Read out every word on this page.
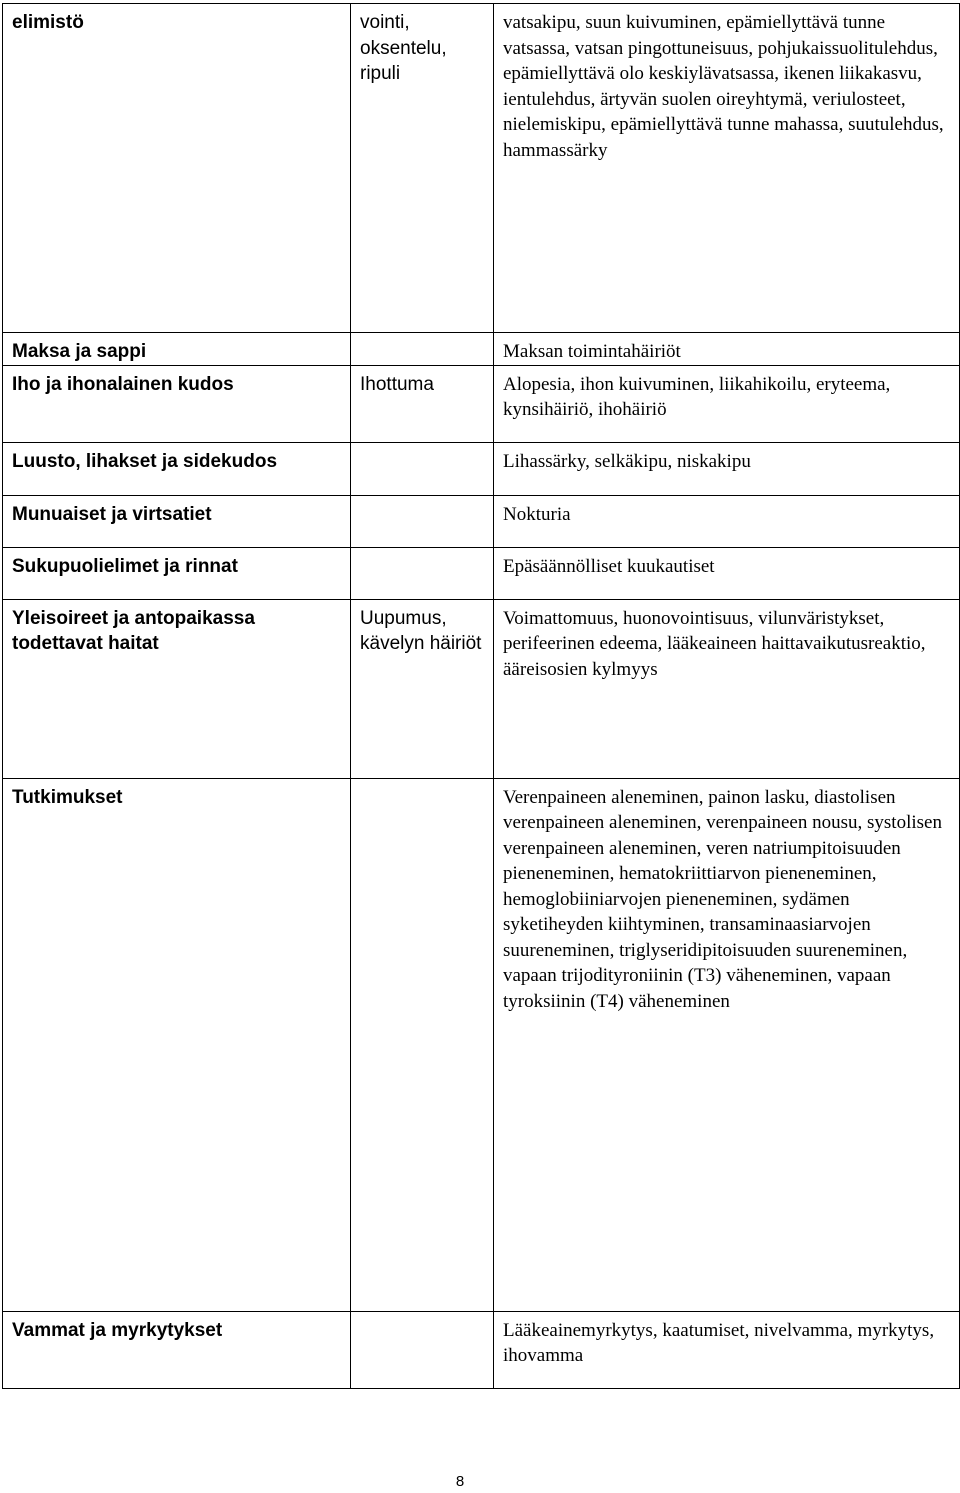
elimistö	vointi, oksentelu, ripuli	vatsakipu, suun kuivuminen, epämiellyttävä tunne vatsassa, vatsan pingottuneisuus, pohjukaissuolitulehdus, epämiellyttävä olo keskiylävatsassa, ikenen liikakasvu, ientulehdus, ärtyvän suolen oireyhtymä, veriulosteet, nielemiskipu, epämiellyttävä tunne mahassa, suutulehdus, hammassärky
Maksa ja sappi		Maksan toimintahäiriöt
Iho ja ihonalainen kudos	Ihottuma	Alopesia, ihon kuivuminen, liikahikoilu, eryteema, kynsihäiriö, ihohäiriö
Luusto, lihakset ja sidekudos		Lihassärky, selkäkipu, niskakipu
Munuaiset ja virtsatiet		Nokturia
Sukupuolielimet ja rinnat		Epäsäännölliset kuukautiset
Yleisoireet ja antopaikassa todettavat haitat	Uupumus, kävelyn häiriöt	Voimattomuus, huonovointisuus, vilunväristykset, perifeerinen edeema, lääkeaineen haittavaikutusreaktio, ääreisosien kylmyys
Tutkimukset		Verenpaineen aleneminen, painon lasku, diastolisen verenpaineen aleneminen, verenpaineen nousu, systolisen verenpaineen aleneminen, veren natriumpitoisuuden pieneneminen, hematokriittiarvon pieneneminen, hemoglobiiniarvojen pieneneminen, sydämen syketiheyden kiihtyminen, transaminaasiarvojen suureneminen, triglyseridipitoisuuden suureneminen, vapaan trijodityroniinin (T3) väheneminen, vapaan tyroksiinin (T4) väheneminen
Vammat ja myrkytykset		Lääkeainemyrkytys, kaatumiset, nivelvamma, myrkytys, ihovamma
8
